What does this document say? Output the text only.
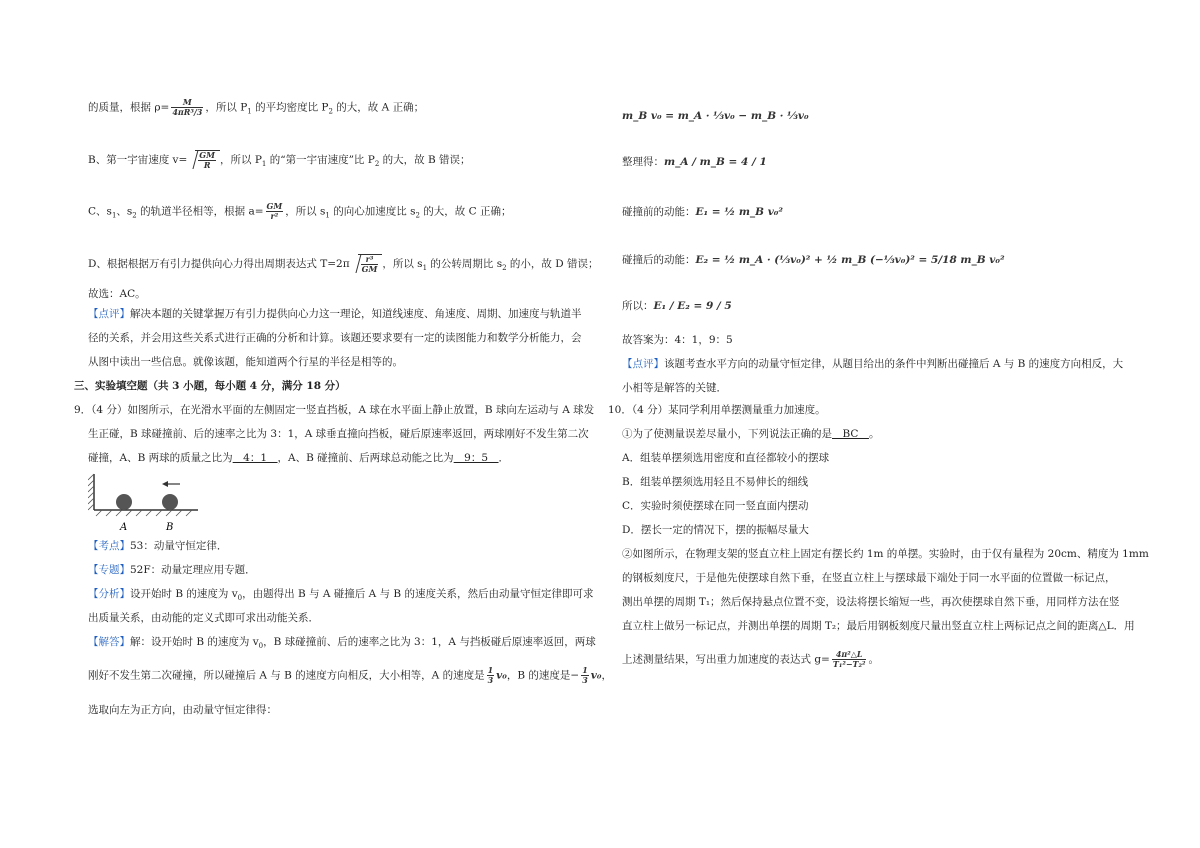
的质量，根据 $\rho= \frac{M}{\text{4πR³/3}}$ ，所以 $P_1$ 的平均密度比 $P_2$ 的大，故 A 正确；
B、第一宇宙速度 $v= \frac{GM}{R}$ ，所以 $P_1$ 的“第一宇宙速度”比 $P_2$ 的大，故 B 错误；
C、$s_1$、$s_2$ 的轨道半径相等，根据 $a= \frac{GM}{\text{r²}}$ ，所以 $s_1$ 的向心加速度比 $s_2$ 的大，故 C 正确；
D、根据根据万有引力提供向心力得出周期表达式 $T=2\pi \frac{\text{r³}}{GM}$ ，所以 $s_1$ 的公转周期比 $s_2$ 的小，故 D 错误；
故选：AC。
【点评】解决本题的关键掌握万有引力提供向心力这一理论，知道线速度、角速度、周期、加速度与轨道半
径的关系，并会用这些关系式进行正确的分析和计算。该题还要求要有一定的读图能力和数学分析能力，会
从图中读出一些信息。就像该题，能知道两个行星的半径是相等的。
三、实验填空题（共 3 小题，每小题 4 分，满分 18 分）
9．（4 分）如图所示，在光滑水平面的左侧固定一竖直挡板，A 球在水平面上静止放置，B 球向左运动与 A 球发
生正碰，B 球碰撞前、后的速率之比为 3：1，A 球垂直撞向挡板，碰后原速率返回，两球刚好不发生第二次
碰撞，A、B 两球的质量之比为　4：1　，A、B 碰撞前、后两球总动能之比为　9：5　．
A	B
【考点】53：动量守恒定律．
【专题】52F：动量定理应用专题．
【分析】设开始时 B 的速度为 $v_0$，由题得出 B 与 A 碰撞后 A 与 B 的速度关系，然后由动量守恒定律即可求
出质量关系，由动能的定义式即可求出动能关系．
【解答】解：设开始时 B 的速度为 $v_0$，B 球碰撞前、后的速率之比为 3：1，A 与挡板碰后原速率返回，两球
刚好不发生第二次碰撞，所以碰撞后 A 与 B 的速度方向相反，大小相等，A 的速度是 $\frac{1}{3} v_0$，B 的速度是− $\frac{1}{3} v_0$，
选取向左为正方向，由动量守恒定律得：
m_B v₀ = m_A · ⅓v₀ − m_B · ⅓v₀
整理得：m_A / m_B = 4 / 1
碰撞前的动能：E₁ = ½ m_B v₀²
碰撞后的动能：E₂ = ½ m_A · (⅓v₀)² + ½ m_B (−⅓v₀)² = 5/18 m_B v₀²
所以：E₁ / E₂ = 9 / 5
故答案为：4：1，9：5
【点评】该题考查水平方向的动量守恒定律，从题目给出的条件中判断出碰撞后 A 与 B 的速度方向相反，大
小相等是解答的关键．
10．（4 分）某同学利用单摆测量重力加速度。
①为了使测量误差尽量小，下列说法正确的是　BC　。
A．组装单摆须选用密度和直径都较小的摆球
B．组装单摆须选用轻且不易伸长的细线
C．实验时须使摆球在同一竖直面内摆动
D．摆长一定的情况下，摆的振幅尽量大
②如图所示，在物理支架的竖直立柱上固定有摆长约 1m 的单摆。实验时，由于仅有量程为 20cm、精度为 1mm
的钢板刻度尺，于是他先使摆球自然下垂，在竖直立柱上与摆球最下端处于同一水平面的位置做一标记点，
测出单摆的周期 T₁；然后保持悬点位置不变，设法将摆长缩短一些，再次使摆球自然下垂，用同样方法在竖
直立柱上做另一标记点，并测出单摆的周期 T₂；最后用钢板刻度尺量出竖直立柱上两标记点之间的距离△L．用
上述测量结果，写出重力加速度的表达式 $g= \frac{\text{4π²△L}}{\text{T₁²−T₂²}}$ 。
